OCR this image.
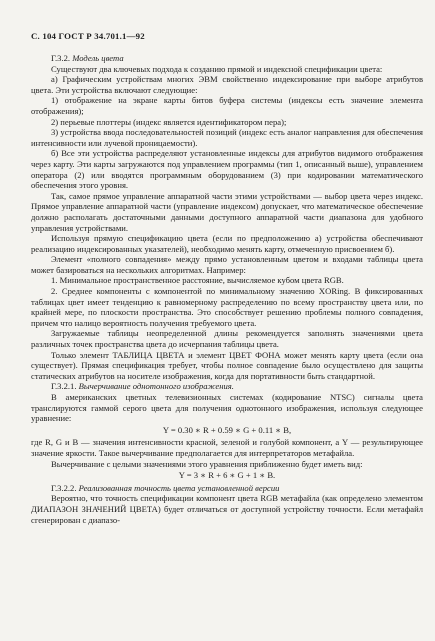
С. 104 ГОСТ Р 34.701.1—92

Г.3.2. Модель цвета

Существуют два ключевых подхода к созданию прямой и индексной спецификации цвета:

а) Графическим устройствам многих ЭВМ свойственно индексирование при выборе атрибутов цвета. Эти устройства включают следующие:

1) отображение на экране карты битов буфера системы (индексы есть значение элемента отображения);

2) перьевые плоттеры (индекс является идентификатором пера);

3) устройства ввода последовательностей позиций (индекс есть аналог направления для обеспечения интенсивности или лучевой проницаемости).

б) Все эти устройства распределяют установленные индексы для атрибутов видимого отображения через карту. Эти карты загружаются под управлением программы (тип 1, описанный выше), управлением оператора (2) или вводятся программным оборудованием (3) при кодировании математического обеспечения этого уровня.

Так, самое прямое управление аппаратной части этими устройствами — выбор цвета через индекс. Прямое управление аппаратной части (управление индексом) допускает, что математическое обеспечение должно располагать достаточными данными доступного аппаратной части диапазона для удобного управления устройствами.

Используя прямую спецификацию цвета (если по предположению а) устройства обеспечивают реализацию индексированных указателей), необходимо менять карту, отмеченную присвоением б).

Элемент «полного совпадения» между прямо установленным цветом и входами таблицы цвета может базироваться на нескольких алгоритмах. Например:

1. Минимальное пространственное расстояние, вычисляемое кубом цвета RGB.

2. Среднее компоненты с компонентой по минимальному значению XORing. В фиксированных таблицах цвет имеет тенденцию к равномерному распределению по всему пространству цвета или, по крайней мере, по плоскости пространства. Это способствует решению проблемы полного совпадения, причем что налицо вероятность получения требуемого цвета.

Загружаемые таблицы неопределенной длины рекомендуется заполнять значениями цвета различных точек пространства цвета до исчерпания таблицы цвета.

Только элемент ТАБЛИЦА ЦВЕТА и элемент ЦВЕТ ФОНА может менять карту цвета (если она существует). Прямая спецификация требует, чтобы полное совпадение было осуществлено для защиты статических атрибутов на носителе изображения, когда для портативности быть стандартной.

Г.3.2.1. Вычерчивание однотонного изображения.

В американских цветных телевизионных системах (кодирование NTSC) сигналы цвета транслируются гаммой серого цвета для получения однотонного изображения, используя следующее уравнение:

Y = 0.30 ∗ R + 0.59 ∗ G + 0.11 ∗ B,

где R, G и B — значения интенсивности красной, зеленой и голубой компонент, а Y — результирующее значение яркости. Такое вычерчивание предполагается для интерпретаторов метафайла.

Вычерчивание с целыми значениями этого уравнения приближенно будет иметь вид:

Y = 3 ∗ R + 6 ∗ G + 1 ∗ B.

Г.3.2.2. Реализованная точность цвета установленной версии

Вероятно, что точность спецификации компонент цвета RGB метафайла (как определено элементом ДИАПАЗОН ЗНАЧЕНИЙ ЦВЕТА) будет отличаться от доступной устройству точности. Если метафайл сгенерирован с диапазо-
